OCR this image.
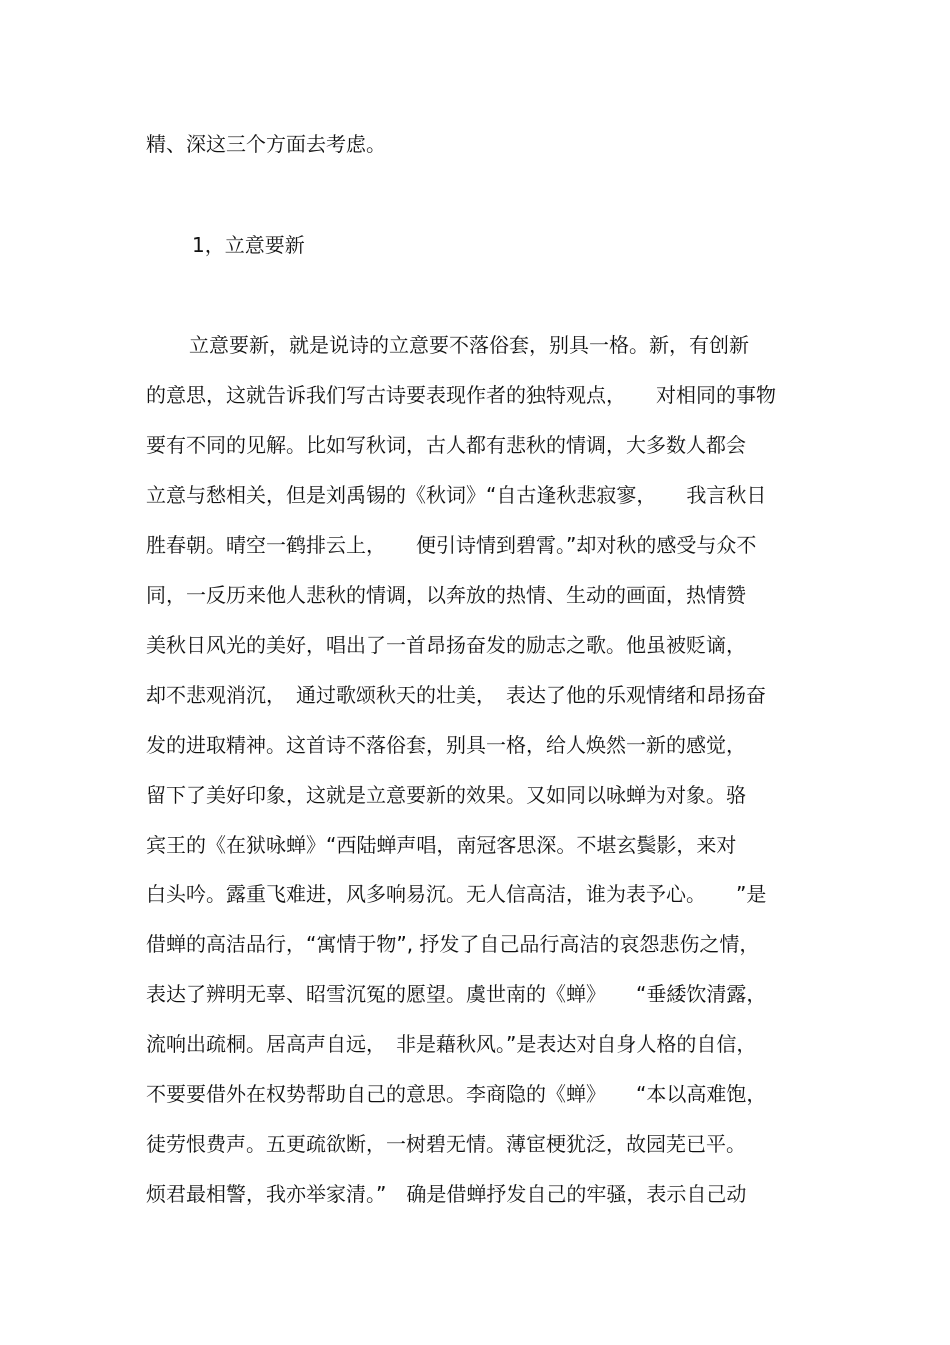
精、深这三个方面去考虑。
1，立意要新
立意要新，就是说诗的立意要不落俗套，别具一格。新，有创新
的意思，这就告诉我们写古诗要表现作者的独特观点，　　对相同的事物
要有不同的见解。比如写秋词，古人都有悲秋的情调，大多数人都会
立意与愁相关，但是刘禹锡的《秋词》“自古逢秋悲寂寥，　　我言秋日
胜春朝。晴空一鹤排云上，　　便引诗情到碧霄。”却对秋的感受与众不
同，一反历来他人悲秋的情调，以奔放的热情、生动的画面，热情赞
美秋日风光的美好，唱出了一首昂扬奋发的励志之歌。他虽被贬谪，
却不悲观消沉，　通过歌颂秋天的壮美，　表达了他的乐观情绪和昂扬奋
发的进取精神。这首诗不落俗套，别具一格，给人焕然一新的感觉，
留下了美好印象，这就是立意要新的效果。又如同以咏蝉为对象。骆
宾王的《在狱咏蝉》“西陆蝉声唱，南冠客思深。不堪玄鬓影，来对
白头吟。露重飞难进，风多响易沉。无人信高洁，谁为表予心。　　”是
借蝉的高洁品行，“寓情于物”, 抒发了自己品行高洁的哀怨悲伤之情，
表达了辨明无辜、昭雪沉冤的愿望。虞世南的《蝉》　　“垂緌饮清露，
流响出疏桐。居高声自远，　非是藉秋风。”是表达对自身人格的自信，
不要要借外在权势帮助自己的意思。李商隐的《蝉》　　“本以高难饱，
徒劳恨费声。五更疏欲断，一树碧无情。薄宦梗犹泛，故园芜已平。
烦君最相警，我亦举家清。”　确是借蝉抒发自己的牢骚，表示自己动
